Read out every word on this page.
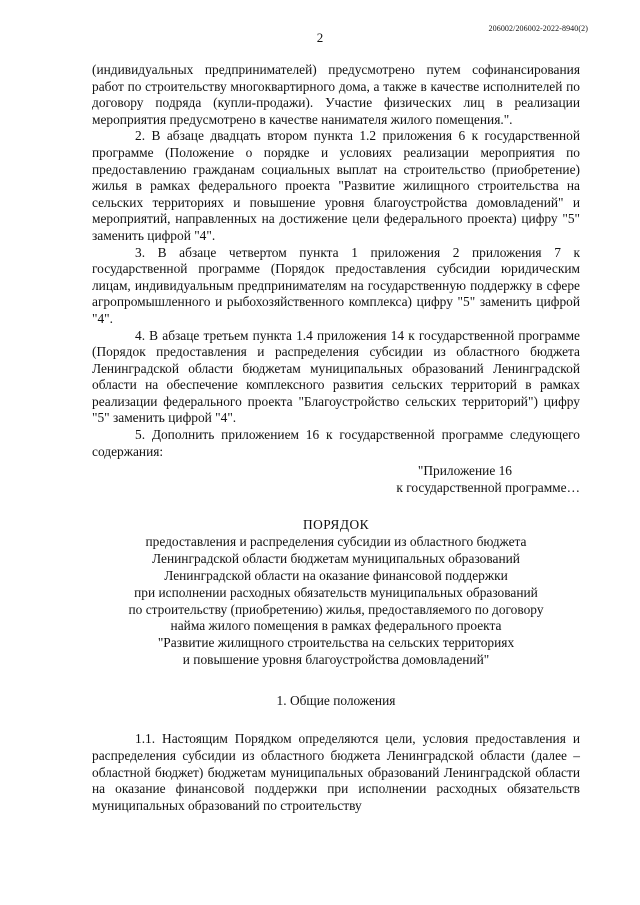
2
206002/206002-2022-8940(2)

(индивидуальных предпринимателей) предусмотрено путем софинансирования работ по строительству многоквартирного дома, а также в качестве исполнителей по договору подряда (купли-продажи). Участие физических лиц в реализации мероприятия предусмотрено в качестве нанимателя жилого помещения.".

2. В абзаце двадцать втором пункта 1.2 приложения 6 к государственной программе (Положение о порядке и условиях реализации мероприятия по предоставлению гражданам социальных выплат на строительство (приобретение) жилья в рамках федерального проекта "Развитие жилищного строительства на сельских территориях и повышение уровня благоустройства домовладений" и мероприятий, направленных на достижение цели федерального проекта) цифру "5" заменить цифрой "4".

3. В абзаце четвертом пункта 1 приложения 2 приложения 7 к государственной программе (Порядок предоставления субсидии юридическим лицам, индивидуальным предпринимателям на государственную поддержку в сфере агропромышленного и рыбохозяйственного комплекса) цифру "5" заменить цифрой "4".

4. В абзаце третьем пункта 1.4 приложения 14 к государственной программе (Порядок предоставления и распределения субсидии из областного бюджета Ленинградской области бюджетам муниципальных образований Ленинградской области на обеспечение комплексного развития сельских территорий в рамках реализации федерального проекта "Благоустройство сельских территорий") цифру "5" заменить цифрой "4".

5. Дополнить приложением 16 к государственной программе следующего содержания:

"Приложение 16
к государственной программе…
ПОРЯДОК
предоставления и распределения субсидии из областного бюджета
Ленинградской области бюджетам муниципальных образований
Ленинградской области на оказание финансовой поддержки
при исполнении расходных обязательств муниципальных образований
по строительству (приобретению) жилья, предоставляемого по договору
найма жилого помещения в рамках федерального проекта
"Развитие жилищного строительства на сельских территориях
и повышение уровня благоустройства домовладений"
1. Общие положения

1.1. Настоящим Порядком определяются цели, условия предоставления и распределения субсидии из областного бюджета Ленинградской области (далее – областной бюджет) бюджетам муниципальных образований Ленинградской области на оказание финансовой поддержки при исполнении расходных обязательств муниципальных образований по строительству
